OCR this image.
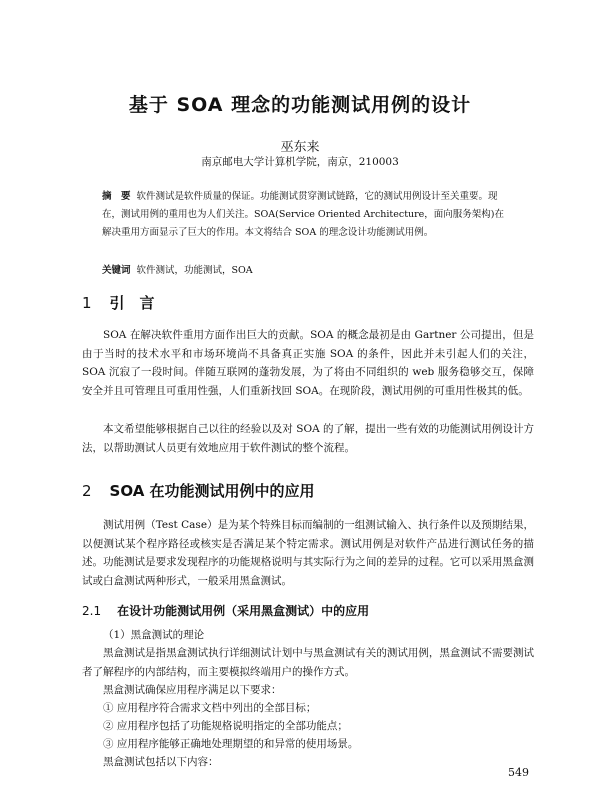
基于 SOA 理念的功能测试用例的设计
巫东来
南京邮电大学计算机学院，南京，210003
摘　要 软件测试是软件质量的保证。功能测试贯穿测试链路，它的测试用例设计至关重要。现在，测试用例的重用也为人们关注。SOA(Service Oriented Architecture，面向服务架构)在解决重用方面显示了巨大的作用。本文将结合 SOA 的理念设计功能测试用例。
关键词 软件测试，功能测试，SOA
1 引　言
SOA 在解决软件重用方面作出巨大的贡献。SOA 的概念最初是由 Gartner 公司提出，但是由于当时的技术水平和市场环境尚不具备真正实施 SOA 的条件，因此并未引起人们的关注，SOA 沉寂了一段时间。伴随互联网的蓬勃发展，为了将由不同组织的 web 服务稳够交互，保障安全并且可管理且可重用性强，人们重新找回 SOA。在现阶段，测试用例的可重用性极其的低。
本文希望能够根据自己以往的经验以及对 SOA 的了解，提出一些有效的功能测试用例设计方法，以帮助测试人员更有效地应用于软件测试的整个流程。
2 SOA 在功能测试用例中的应用
测试用例（Test Case）是为某个特殊目标而编制的一组测试输入、执行条件以及预期结果，以便测试某个程序路径或核实是否满足某个特定需求。测试用例是对软件产品进行测试任务的描述。功能测试是要求发现程序的功能规格说明与其实际行为之间的差异的过程。它可以采用黑盒测试或白盒测试两种形式，一般采用黑盒测试。
2.1 在设计功能测试用例（采用黑盒测试）中的应用
（1）黑盒测试的理论
黑盒测试是指黑盒测试执行详细测试计划中与黑盒测试有关的测试用例，黑盒测试不需要测试者了解程序的内部结构，而主要模拟终端用户的操作方式。
黑盒测试确保应用程序满足以下要求：
① 应用程序符合需求文档中列出的全部目标；
② 应用程序包括了功能规格说明指定的全部功能点；
③ 应用程序能够正确地处理期望的和异常的使用场景。
黑盒测试包括以下内容：
549
